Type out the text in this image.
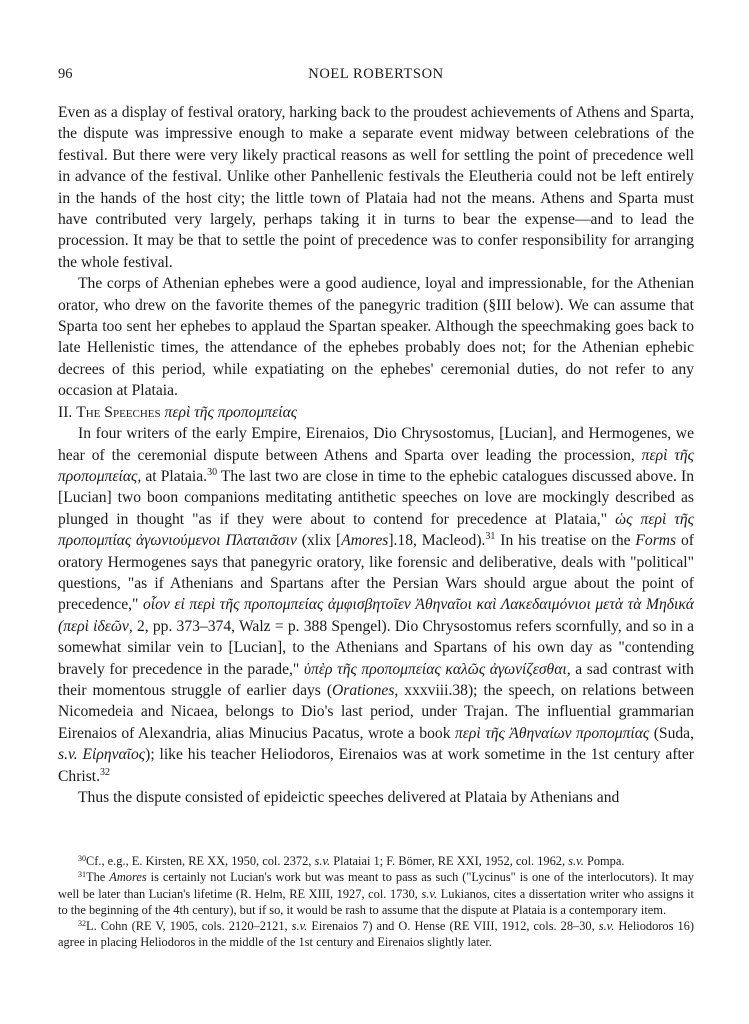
96	NOEL ROBERTSON

Even as a display of festival oratory, harking back to the proudest achievements of Athens and Sparta, the dispute was impressive enough to make a separate event midway between celebrations of the festival. But there were very likely practical reasons as well for settling the point of precedence well in advance of the festival. Unlike other Panhellenic festivals the Eleutheria could not be left entirely in the hands of the host city; the little town of Plataia had not the means. Athens and Sparta must have contributed very largely, perhaps taking it in turns to bear the expense—and to lead the procession. It may be that to settle the point of precedence was to confer responsibility for arranging the whole festival.

The corps of Athenian ephebes were a good audience, loyal and impressionable, for the Athenian orator, who drew on the favorite themes of the panegyric tradition (§III below). We can assume that Sparta too sent her ephebes to applaud the Spartan speaker. Although the speechmaking goes back to late Hellenistic times, the attendance of the ephebes probably does not; for the Athenian ephebic decrees of this period, while expatiating on the ephebes' ceremonial duties, do not refer to any occasion at Plataia.

II. The Speeches περὶ τῆς προπομπείας

In four writers of the early Empire, Eirenaios, Dio Chrysostomus, [Lucian], and Hermogenes, we hear of the ceremonial dispute between Athens and Sparta over leading the procession, περὶ τῆς προπομπείας, at Plataia.$^{30}$ The last two are close in time to the ephebic catalogues discussed above. In [Lucian] two boon companions meditating antithetic speeches on love are mockingly described as plunged in thought "as if they were about to contend for precedence at Plataia," ὡς περὶ τῆς προπομπίας ἀγωνιούμενοι Πλαταιᾶσιν (xlix [Amores].18, Macleod).$^{31}$ In his treatise on the Forms of oratory Hermogenes says that panegyric oratory, like forensic and deliberative, deals with "political" questions, "as if Athenians and Spartans after the Persian Wars should argue about the point of precedence," οἷον εἰ περὶ τῆς προπομπείας ἀμφισβητοῖεν Ἀθηναῖοι καὶ Λακεδαιμόνιοι μετὰ τὰ Μηδικά (περὶ ἰδεῶν, 2, pp. 373–374, Walz = p. 388 Spengel). Dio Chrysostomus refers scornfully, and so in a somewhat similar vein to [Lucian], to the Athenians and Spartans of his own day as "contending bravely for precedence in the parade," ὑπὲρ τῆς προπομπείας καλῶς ἀγωνίζεσθαι, a sad contrast with their momentous struggle of earlier days (Orationes, xxxviii.38); the speech, on relations between Nicomedeia and Nicaea, belongs to Dio's last period, under Trajan. The influential grammarian Eirenaios of Alexandria, alias Minucius Pacatus, wrote a book περὶ τῆς Ἀθηναίων προπομπίας (Suda, s.v. Εἰρηναῖος); like his teacher Heliodoros, Eirenaios was at work sometime in the 1st century after Christ.$^{32}$

Thus the dispute consisted of epideictic speeches delivered at Plataia by Athenians and

$^{30}$Cf., e.g., E. Kirsten, RE XX, 1950, col. 2372, s.v. Plataiai 1; F. Bömer, RE XXI, 1952, col. 1962, s.v. Pompa.

$^{31}$The Amores is certainly not Lucian's work but was meant to pass as such ("Lycinus" is one of the interlocutors). It may well be later than Lucian's lifetime (R. Helm, RE XIII, 1927, col. 1730, s.v. Lukianos, cites a dissertation writer who assigns it to the beginning of the 4th century), but if so, it would be rash to assume that the dispute at Plataia is a contemporary item.

$^{32}$L. Cohn (RE V, 1905, cols. 2120–2121, s.v. Eirenaios 7) and O. Hense (RE VIII, 1912, cols. 28–30, s.v. Heliodoros 16) agree in placing Heliodoros in the middle of the 1st century and Eirenaios slightly later.
